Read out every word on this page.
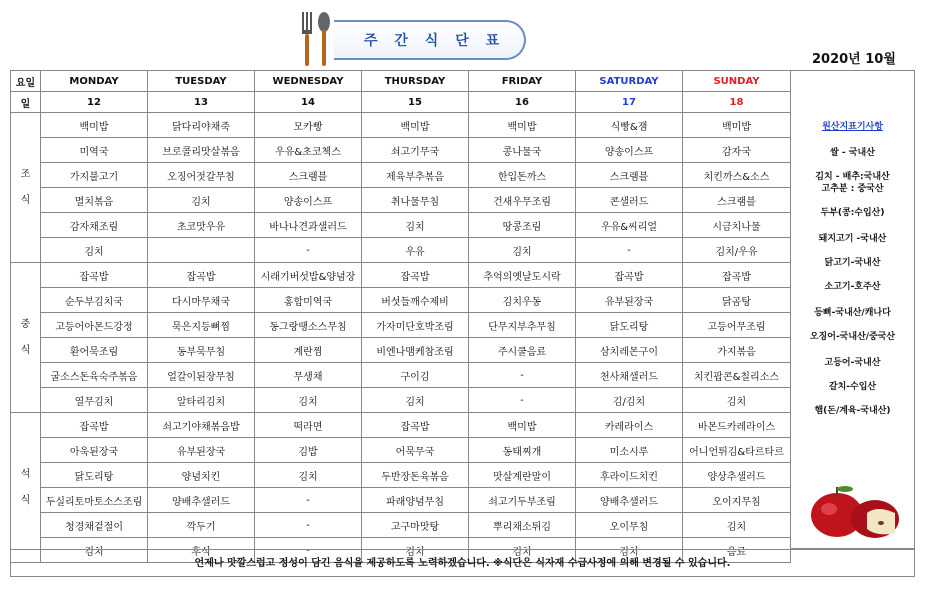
주 간 식 단 표
2020년 10월
요일	MONDAY	TUESDAY	WEDNESDAY	THURSDAY	FRIDAY	SATURDAY	SUNDAY
일	12	13	14	15	16	17	18

조
식	백미밥	닭다리야채죽	모카빵	백미밥	백미밥	식빵&잼	백미밥
	미역국	브로콜리맛살볶음	우유&초코첵스	쇠고기무국	콩나물국	양송이스프	감자국
	가지불고기	오징어젓갈무침	스크램블	제육부추볶음	한입돈까스	스크램블	치킨까스&소스
	멸치볶음	김치	양송이스프	취나물무침	건새우무조림	콘샐러드	스크램블
	감자채조림	초코맛우유	바나나견과샐러드	김치	땅콩조림	우유&씨리얼	시금치나물
	김치		-	우유	김치	-	김치/우유

중
식	잡곡밥	잡곡밥	시래기버섯밥&양념장	잡곡밥	추억의옛날도시락	잡곡밥	잡곡밥
	순두부김치국	다시마무채국	홍합미역국	버섯들깨수제비	김치우동	유부된장국	닭곰탕
	고등어아몬드강정	묵은지등뼈찜	동그랑땡소스무침	가자미단호박조림	단무지부추무침	닭도리탕	고등어무조림
	환어묵조림	동부묵무침	계란찜	비엔나맴케참조림	주시쿨음료	삼치레몬구이	가지볶음
	굴소스돈육숙주볶음	얼갈이된장무침	무생채	구이김	-	천사채샐러드	치킨팝콘&칠리소스
	열무김치	알타리김치	김치	김치	-	김/김치	김치

석
식	잡곡밥	쇠고기야채볶음밥	떡라면	잡곡밥	백미밥	카레라이스	바몬드카레라이스
	아욱된장국	유부된장국	김밥	어묵무국	동태찌개	미소시루	어니언튀김&타르타르
	닭도리탕	양념치킨	김치	두반장돈육볶음	맛살계란말이	후라이드치킨	양상추샐러드
	두실리토마토소스조림	양배추샐러드	-	파래양념무침	쇠고기두부조림	양배추샐러드	오이지무침
	청경채겉절이	깍두기	-	고구마맛탕	뿌리채소튀김	오이무침	김치
	김치	후식	-	김치	김치	김치	음료
원산지표기사항
쌀 - 국내산
김치 - 배추:국내산
고추분 : 중국산
두부(콩:수입산)
돼지고기 -국내산
닭고기-국내산
소고기-호주산
등뼈-국내산/캐나다
오징어-국내산/중국산
고등어-국내산
갈치-수입산
햄(돈/계육-국내산)
언제나 맛깔스럽고 정성이 담긴 음식을 제공하도록 노력하겠습니다. ※식단은 식자재 수급사정에 의해 변경될 수 있습니다.
